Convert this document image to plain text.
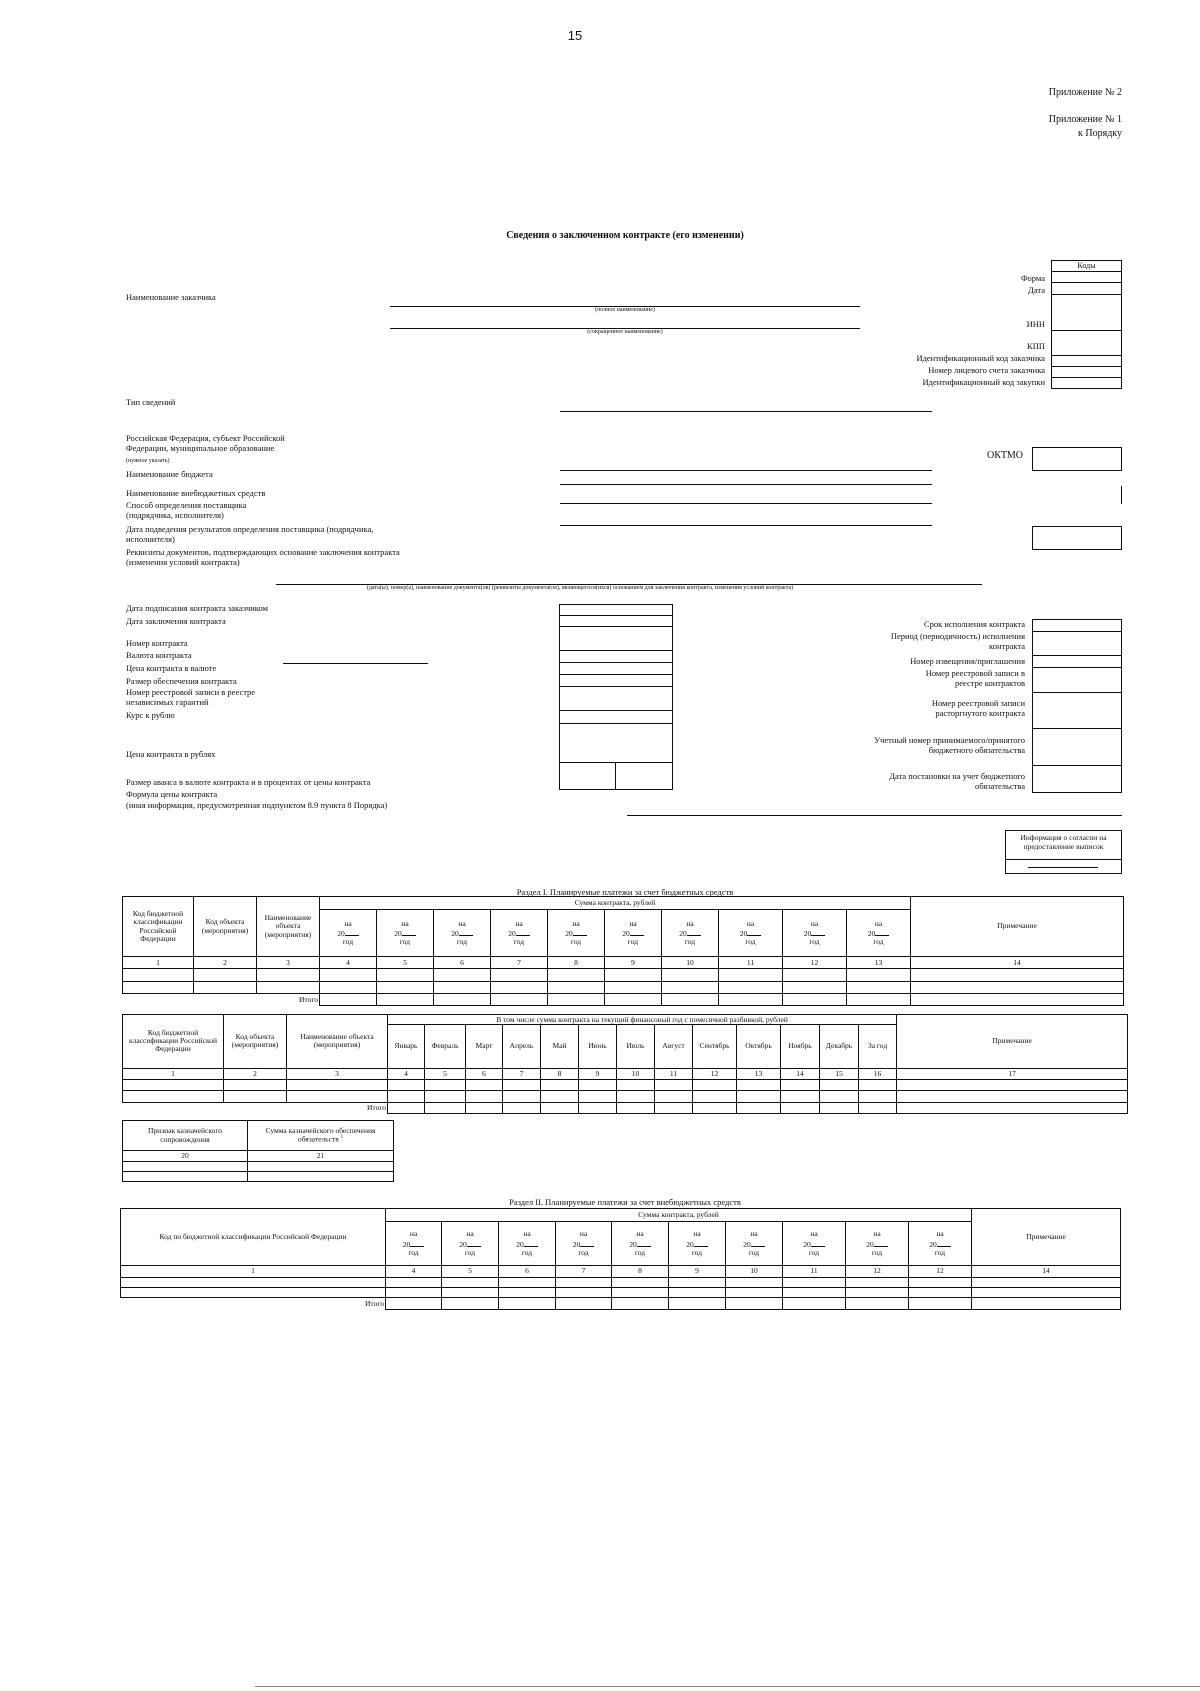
15
Приложение № 2
Приложение № 1
к Порядку
Сведения о заключенном контракте (его изменении)
Коды
Форма
Дата
ИНН
КПП
Идентификационный код заказчика
Номер лицевого счета заказчика
Идентификационный код закупки
Наименование заказчика
(полное наименование)
(сокращенное наименование)
Тип сведений
Российская Федерация, субъект Российской Федерации, муниципальное образование
(нужное указать)
Наименование бюджета
Наименование внебюджетных средств
Способ определения поставщика (подрядчика, исполнителя)
Дата подведения результатов определения поставщика (подрядчика, исполнителя)
Реквизиты документов, подтверждающих основание заключения контракта (изменения условий контракта)
(дата(ы), номер(а), наименование документа(ов) (реквизиты документа(ов), являющегося(ихся) основанием для заключения контракта, изменения условий контракта)
ОКТМО
Дата подписания контракта заказчиком
Дата заключения контракта
Номер контракта
Валюта контракта
Цена контракта в валюте
Размер обеспечения контракта
Номер реестровой записи в реестре независимых гарантий
Курс к рублю
Цена контракта в рублях
Размер аванса в валюте контракта и в процентах от цены контракта
Формула цены контракта
(иная информация, предусмотренная подпунктом 8.9 пункта 8 Порядка)
Срок исполнения контракта
Период (периодичность) исполнения контракта
Номер извещения/приглашения
Номер реестровой записи в реестре контрактов
Номер реестровой записи расторгнутого контракта
Учетный номер принимаемого/принятого бюджетного обязательства
Дата постановки на учет бюджетного обязательства
Информация о согласии на предоставление выписок
Раздел I. Планируемые платежи за счет бюджетных средств
Код бюджетной классификации Российской Федерации	Код объекта (мероприятия)	Наименование объекта (мероприятия)	Сумма контракта, рублей										Примечание
			на
20
год	на
20
год	на
20
год	на
20
год	на
20
год	на
20
год	на
20
год	на
20
год	на
20
год	на
20
год	
1	2	3	4	5	6	7	8	9	10	11	12	13	14

		Итого											
Код бюджетной классификации Российской Федерации	Код объекта (мероприятия)	Наименование объекта (мероприятия)	В том числе сумма контракта на текущий финансовый год с помесячной разбивкой, рублей													Примечание
			Январь	Февраль	Март	Апрель	Май	Июнь	Июль	Август	Сентябрь	Октябрь	Ноябрь	Декабрь	За год	
1	2	3	4	5	6	7	8	9	10	11	12	13	14	15	16	17

		Итого														
Признак казначейского сопровождения	Сумма казначейского обеспечения обязательств $^1$
20	21

Раздел II. Планируемые платежи за счет внебюджетных средств
Код по бюджетной классификации Российской Федерации	Сумма контракта, рублей										Примечание
	на
20
год	на
20
год	на
20
год	на
20
год	на
20
год	на
20
год	на
20
год	на
20
год	на
20
год	на
20
год	
1	4	5	6	7	8	9	10	11	12	12	14

Итого											
